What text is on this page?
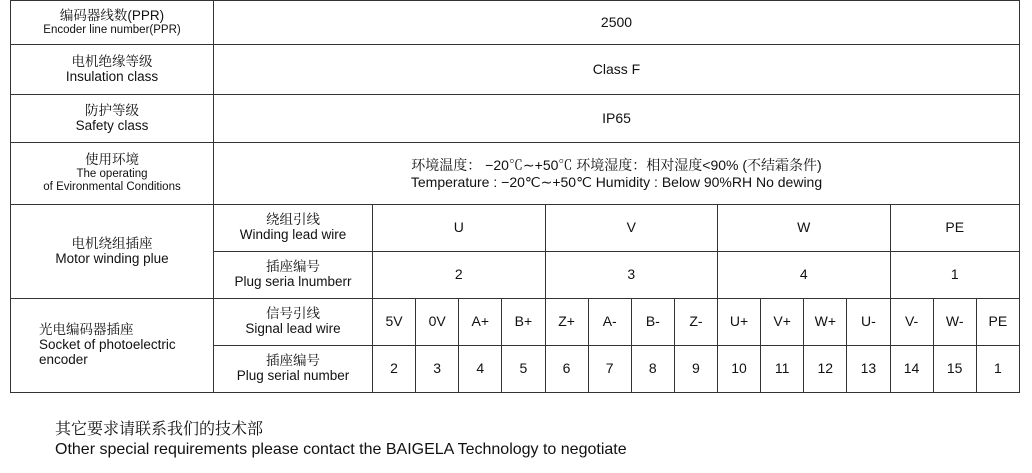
编码器线数(PPR)
Encoder line number(PPR)	2500															

电机绝缘等级
Insulation class	Class F															

防护等级
Safety class	IP65															

使用环境
The operating
of Evironmental Conditions	环境温度： −20℃∼+50℃ 环境湿度：相对湿度<90% (不结霜条件)
Temperature : −20℃∼+50℃ Humidity : Below 90%RH No dewing															

电机绕组插座
Motor winding plue	绕组引线
Winding lead wire	U				V				W				PE		

	插座编号
Plug seria lnumberr	2				3				4				1		

光电编码器插座
Socket of photoelectric
encoder	信号引线
Signal lead wire	5V	0V	A+	B+	Z+	A-	B-	Z-	U+	V+	W+	U-	V-	W-	PE

	插座编号
Plug serial number	2	3	4	5	6	7	8	9	10	11	12	13	14	15	1
其它要求请联系我们的技术部
Other special requirements please contact the BAIGELA Technology to negotiate
